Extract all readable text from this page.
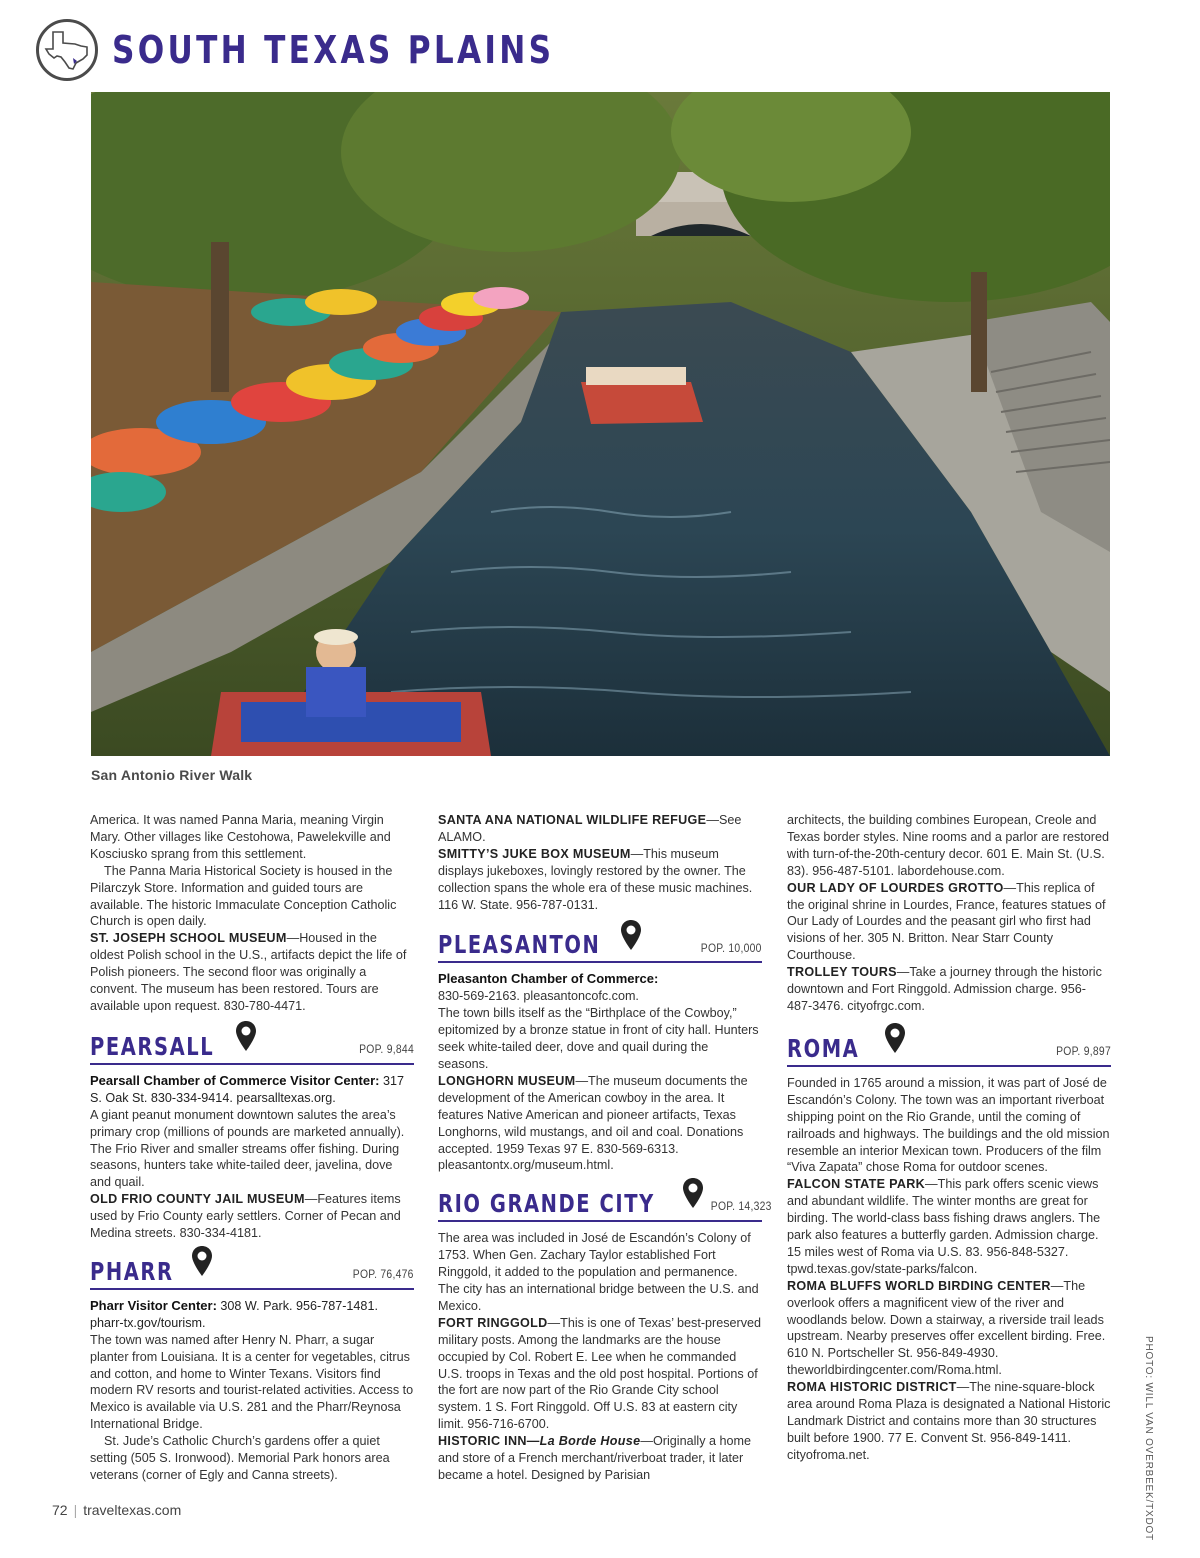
SOUTH TEXAS PLAINS
San Antonio River Walk
PHOTO: WILL VAN OVERBEEK/TXDOT

America. It was named Panna Maria, meaning Virgin Mary. Other villages like Cestohowa, Pawelekville and Kosciusko sprang from this settlement.

The Panna Maria Historical Society is housed in the Pilarczyk Store. Information and guided tours are available. The historic Immaculate Conception Catholic Church is open daily.

ST. JOSEPH SCHOOL MUSEUM—Housed in the oldest Polish school in the U.S., artifacts depict the life of Polish pioneers. The second floor was originally a convent. The museum has been restored. Tours are available upon request. 830-780-4471.

PEARSALL	POP. 9,844

Pearsall Chamber of Commerce Visitor Center: 317 S. Oak St. 830-334-9414. pearsalltexas.org.

A giant peanut monument downtown salutes the area’s primary crop (millions of pounds are marketed annually). The Frio River and smaller streams offer fishing. During seasons, hunters take white-tailed deer, javelina, dove and quail.

OLD FRIO COUNTY JAIL MUSEUM—Features items used by Frio County early settlers. Corner of Pecan and Medina streets. 830-334-4181.

PHARR	POP. 76,476

Pharr Visitor Center: 308 W. Park. 956-787-1481. pharr-tx.gov/tourism.

The town was named after Henry N. Pharr, a sugar planter from Louisiana. It is a center for vegetables, citrus and cotton, and home to Winter Texans. Visitors find modern RV resorts and tourist-related activities. Access to Mexico is available via U.S. 281 and the Pharr/Reynosa International Bridge.

St. Jude’s Catholic Church’s gardens offer a quiet setting (505 S. Ironwood). Memorial Park honors area veterans (corner of Egly and Canna streets).

SANTA ANA NATIONAL WILDLIFE REFUGE—See ALAMO.

SMITTY’S JUKE BOX MUSEUM—This museum displays jukeboxes, lovingly restored by the owner. The collection spans the whole era of these music machines. 116 W. State. 956-787-0131.

PLEASANTON	POP. 10,000

Pleasanton Chamber of Commerce:

830-569-2163. pleasantoncofc.com.

The town bills itself as the “Birthplace of the Cowboy,” epitomized by a bronze statue in front of city hall. Hunters seek white-tailed deer, dove and quail during the seasons.

LONGHORN MUSEUM—The museum documents the development of the American cowboy in the area. It features Native American and pioneer artifacts, Texas Longhorns, wild mustangs, and oil and coal. Donations accepted. 1959 Texas 97 E. 830-569-6313. pleasantontx.org/museum.html.

RIO GRANDE CITY	POP. 14,323

The area was included in José de Escandón’s Colony of 1753. When Gen. Zachary Taylor established Fort Ringgold, it added to the population and permanence. The city has an international bridge between the U.S. and Mexico.

FORT RINGGOLD—This is one of Texas’ best-preserved military posts. Among the landmarks are the house occupied by Col. Robert E. Lee when he commanded U.S. troops in Texas and the old post hospital. Portions of the fort are now part of the Rio Grande City school system. 1 S. Fort Ringgold. Off U.S. 83 at eastern city limit. 956-716-6700.

HISTORIC INN—La Borde House—Originally a home and store of a French merchant/riverboat trader, it later became a hotel. Designed by Parisian

architects, the building combines European, Creole and Texas border styles. Nine rooms and a parlor are restored with turn-of-the-20th-century decor. 601 E. Main St. (U.S. 83). 956-487-5101. labordehouse.com.

OUR LADY OF LOURDES GROTTO—This replica of the original shrine in Lourdes, France, features statues of Our Lady of Lourdes and the peasant girl who first had visions of her. 305 N. Britton. Near Starr County Courthouse.

TROLLEY TOURS—Take a journey through the historic downtown and Fort Ringgold. Admission charge. 956-487-3476. cityofrgc.com.

ROMA	POP. 9,897

Founded in 1765 around a mission, it was part of José de Escandón’s Colony. The town was an important riverboat shipping point on the Rio Grande, until the coming of railroads and highways. The buildings and the old mission resemble an interior Mexican town. Producers of the film “Viva Zapata” chose Roma for outdoor scenes.

FALCON STATE PARK—This park offers scenic views and abundant wildlife. The winter months are great for birding. The world-class bass fishing draws anglers. The park also features a butterfly garden. Admission charge. 15 miles west of Roma via U.S. 83. 956-848-5327. tpwd.texas.gov/state-parks/falcon.

ROMA BLUFFS WORLD BIRDING CENTER—The overlook offers a magnificent view of the river and woodlands below. Down a stairway, a riverside trail leads upstream. Nearby preserves offer excellent birding. Free. 610 N. Portscheller St. 956-849-4930. theworldbirdingcenter.com/Roma.html.

ROMA HISTORIC DISTRICT—The nine-square-block area around Roma Plaza is designated a National Historic Landmark District and contains more than 30 structures built before 1900. 77 E. Convent St. 956-849-1411. cityofroma.net.

72 | traveltexas.com
